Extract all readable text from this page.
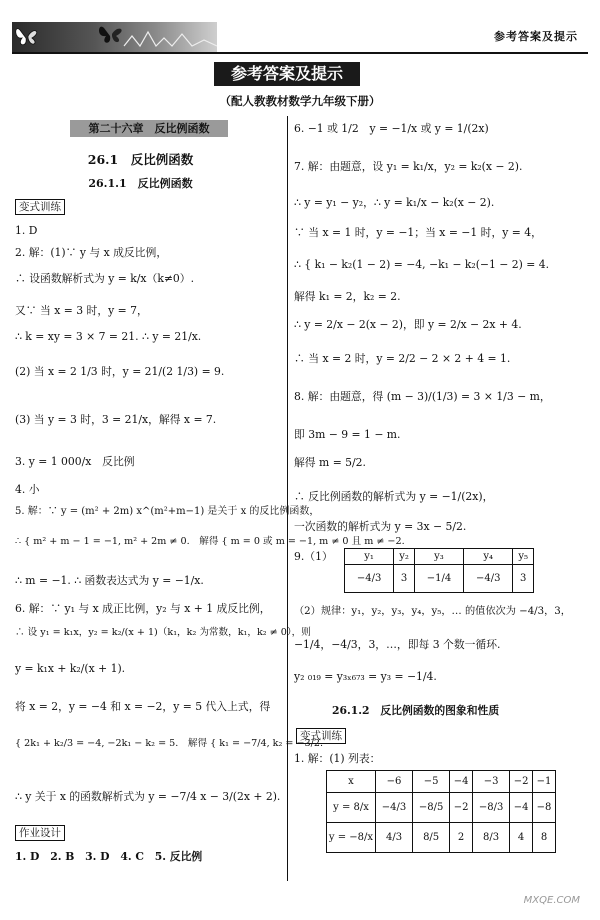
参考答案及提示
参考答案及提示
（配人教教材数学九年级下册）
第二十六章　反比例函数
26.1　反比例函数
26.1.1　反比例函数
变式训练
1. D
2. 解：(1)∵ y 与 x 成反比例，
∴ 设函数解析式为 y = k/x（k≠0）.
又∵ 当 x = 3 时，y = 7，
∴ k = xy = 3 × 7 = 21. ∴ y = 21/x.
(2) 当 x = 2 1/3 时，y = 21/(2 1/3) = 9.
(3) 当 y = 3 时，3 = 21/x，解得 x = 7.
3. y = 1 000/x　反比例
4. 小
5. 解：∵ y = (m² + 2m) x^(m²+m−1) 是关于 x 的反比例函数，
∴ { m² + m − 1 = −1, m² + 2m ≠ 0.　解得 { m = 0 或 m = −1, m ≠ 0 且 m ≠ −2.
∴ m = −1. ∴ 函数表达式为 y = −1/x.
6. 解：∵ y₁ 与 x 成正比例，y₂ 与 x + 1 成反比例，
∴ 设 y₁ = k₁x，y₂ = k₂/(x + 1)（k₁，k₂ 为常数，k₁，k₂ ≠ 0），则
y = k₁x + k₂/(x + 1).
将 x = 2，y = −4 和 x = −2，y = 5 代入上式，得
{ 2k₁ + k₂/3 = −4, −2k₁ − k₂ = 5.　解得 { k₁ = −7/4, k₂ = −3/2.
∴ y 关于 x 的函数解析式为 y = −7/4 x − 3/(2x + 2).
作业设计
1. D　2. B　3. D　4. C　5. 反比例
6. −1 或 1/2　y = −1/x 或 y = 1/(2x)
7. 解：由题意，设 y₁ = k₁/x，y₂ = k₂(x − 2).
∴ y = y₁ − y₂，∴ y = k₁/x − k₂(x − 2).
∵ 当 x = 1 时，y = −1；当 x = −1 时，y = 4，
∴ { k₁ − k₂(1 − 2) = −4, −k₁ − k₂(−1 − 2) = 4.
解得 k₁ = 2，k₂ = 2.
∴ y = 2/x − 2(x − 2)，即 y = 2/x − 2x + 4.
∴ 当 x = 2 时，y = 2/2 − 2 × 2 + 4 = 1.
8. 解：由题意，得 (m − 3)/(1/3) = 3 × 1/3 − m，
即 3m − 9 = 1 − m.
解得 m = 5/2.
∴ 反比例函数的解析式为 y = −1/(2x)，
一次函数的解析式为 y = 3x − 5/2.
9.（1）
（2）规律：y₁，y₂，y₃，y₄，y₅，… 的值依次为 −4/3，3，
−1/4，−4/3，3，…，即每 3 个数一循环.
y₂ ₀₁₉ = y₃ₓ₆₇₃ = y₃ = −1/4.
26.1.2　反比例函数的图象和性质
1. 解：(1) 列表：
y₁	y₂	y₃	y₄	y₅
−4/3	3	−1/4	−4/3	3
变式训练
x	−6	−5	−4	−3	−2	−1
y = 8/x	−4/3	−8/5	−2	−8/3	−4	−8
y = −8/x	4/3	8/5	2	8/3	4	8
MXQE.COM
